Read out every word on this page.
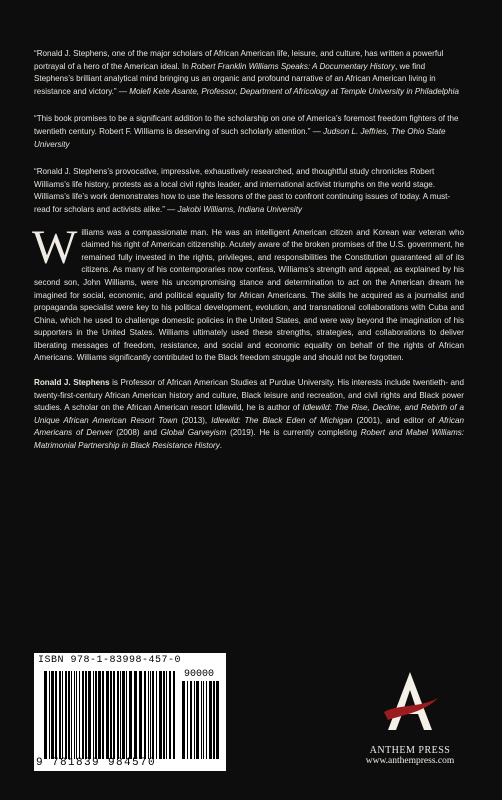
“Ronald J. Stephens, one of the major scholars of African American life, leisure, and culture, has written a powerful portrayal of a hero of the American ideal. In Robert Franklin Williams Speaks: A Documentary History, we find Stephens’s brilliant analytical mind bringing us an organic and profound narrative of an African American living in resistance and victory.” — Molefi Kete Asante, Professor, Department of Africology at Temple University in Philadelphia

“This book promises to be a significant addition to the scholarship on one of America’s foremost freedom fighters of the twentieth century. Robert F. Williams is deserving of such scholarly attention.” — Judson L. Jeffries, The Ohio State University

“Ronald J. Stephens’s provocative, impressive, exhaustively researched, and thoughtful study chronicles Robert Williams’s life history, protests as a local civil rights leader, and international activist triumphs on the world stage. Williams’s life’s work demonstrates how to use the lessons of the past to confront continuing issues of today. A must-read for scholars and activists alike.” — Jakobi Williams, Indiana University

Williams was a compassionate man. He was an intelligent American citizen and Korean war veteran who claimed his right of American citizenship. Acutely aware of the broken promises of the U.S. government, he remained fully invested in the rights, privileges, and responsibilities the Constitution guaranteed all of its citizens. As many of his contemporaries now confess, Williams’s strength and appeal, as explained by his second son, John Williams, were his uncompromising stance and determination to act on the American dream he imagined for social, economic, and political equality for African Americans. The skills he acquired as a journalist and propaganda specialist were key to his political development, evolution, and transnational collaborations with Cuba and China, which he used to challenge domestic policies in the United States, and were way beyond the imagination of his supporters in the United States. Williams ultimately used these strengths, strategies, and collaborations to deliver liberating messages of freedom, resistance, and social and economic equality on behalf of the rights of African Americans. Williams significantly contributed to the Black freedom struggle and should not be forgotten.

Ronald J. Stephens is Professor of African American Studies at Purdue University. His interests include twentieth- and twenty-first-century African American history and culture, Black leisure and recreation, and civil rights and Black power studies. A scholar on the African American resort Idlewild, he is author of Idlewild: The Rise, Decline, and Rebirth of a Unique African American Resort Town (2013), Idlewild: The Black Eden of Michigan (2001), and editor of African Americans of Denver (2008) and Global Garveyism (2019). He is currently completing Robert and Mabel Williams: Matrimonial Partnership in Black Resistance History.

ISBN 978-1-83998-457-0
90000
9 781839 984570
ANTHEM PRESS
www.anthempress.com
